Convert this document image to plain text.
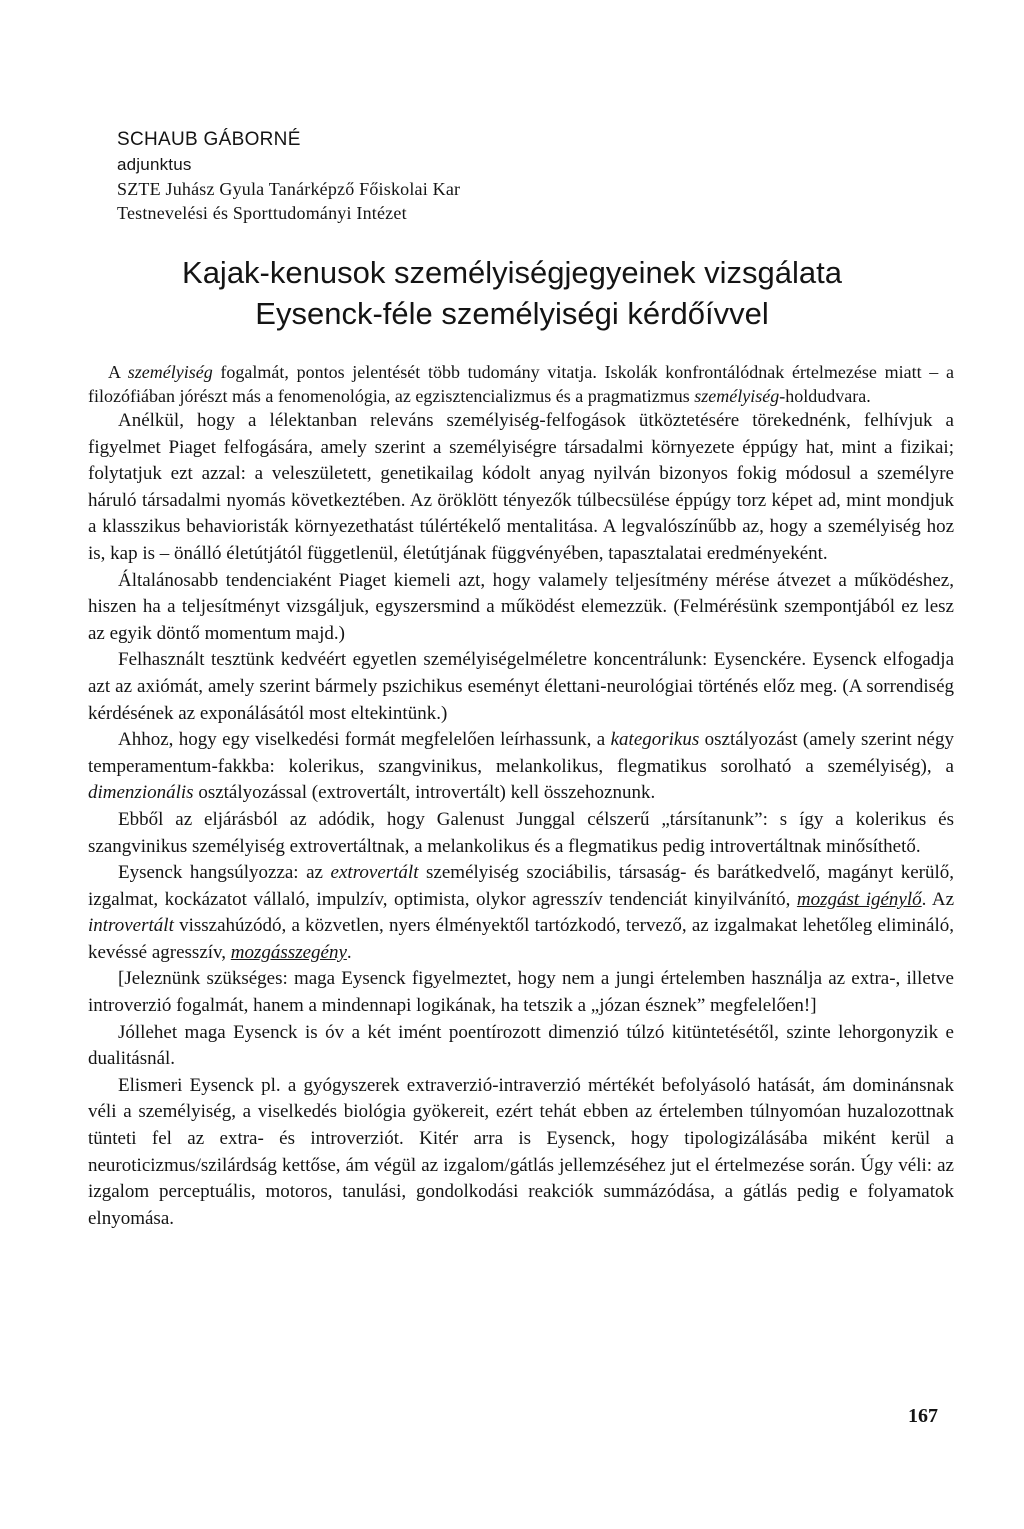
SCHAUB GÁBORNÉ
adjunktus
SZTE Juhász Gyula Tanárképző Főiskolai Kar
Testnevelési és Sporttudományi Intézet
Kajak-kenusok személyiségjegyeinek vizsgálata
Eysenck-féle személyiségi kérdőívvel

A személyiség fogalmát, pontos jelentését több tudomány vitatja. Iskolák konfrontálódnak értelmezése miatt – a filozófiában jórészt más a fenomenológia, az egzisztencializmus és a pragmatizmus személyiség-holdudvara.

Anélkül, hogy a lélektanban releváns személyiség-felfogások ütköztetésére törekednénk, felhívjuk a figyelmet Piaget felfogására, amely szerint a személyiségre társadalmi környezete éppúgy hat, mint a fizikai; folytatjuk ezt azzal: a veleszületett, genetikailag kódolt anyag nyilván bizonyos fokig módosul a személyre háruló társadalmi nyomás következtében. Az öröklött tényezők túlbecsülése éppúgy torz képet ad, mint mondjuk a klasszikus behavioristák környezethatást túlértékelő mentalitása. A legvalószínűbb az, hogy a személyiség hoz is, kap is – önálló életútjától függetlenül, életútjának függvényében, tapasztalatai eredményeként.

Általánosabb tendenciaként Piaget kiemeli azt, hogy valamely teljesítmény mérése átvezet a működéshez, hiszen ha a teljesítményt vizsgáljuk, egyszersmind a működést elemezzük. (Felmérésünk szempontjából ez lesz az egyik döntő momentum majd.)

Felhasznált tesztünk kedvéért egyetlen személyiségelméletre koncentrálunk: Eysenckére. Eysenck elfogadja azt az axiómát, amely szerint bármely pszichikus eseményt élettani-neurológiai történés előz meg. (A sorrendiség kérdésének az exponálásától most eltekintünk.)

Ahhoz, hogy egy viselkedési formát megfelelően leírhassunk, a kategorikus osztályozást (amely szerint négy temperamentum-fakkba: kolerikus, szangvinikus, melankolikus, flegmatikus sorolható a személyiség), a dimenzionális osztályozással (extrovertált, introvertált) kell összehoznunk.

Ebből az eljárásból az adódik, hogy Galenust Junggal célszerű „társítanunk”: s így a kolerikus és szangvinikus személyiség extrovertáltnak, a melankolikus és a flegmatikus pedig introvertáltnak minősíthető.

Eysenck hangsúlyozza: az extrovertált személyiség szociábilis, társaság- és barátkedvelő, magányt kerülő, izgalmat, kockázatot vállaló, impulzív, optimista, olykor agresszív tendenciát kinyilvánító, mozgást igénylő. Az introvertált visszahúzódó, a közvetlen, nyers élményektől tartózkodó, tervező, az izgalmakat lehetőleg elimináló, kevéssé agresszív, mozgásszegény.

[Jeleznünk szükséges: maga Eysenck figyelmeztet, hogy nem a jungi értelemben használja az extra-, illetve introverzió fogalmát, hanem a mindennapi logikának, ha tetszik a „józan észnek” megfelelően!]

Jóllehet maga Eysenck is óv a két imént poentírozott dimenzió túlzó kitüntetésétől, szinte lehorgonyzik e dualitásnál.

Elismeri Eysenck pl. a gyógyszerek extraverzió-intraverzió mértékét befolyásoló hatását, ám dominánsnak véli a személyiség, a viselkedés biológia gyökereit, ezért tehát ebben az értelemben túlnyomóan huzalozottnak tünteti fel az extra- és introverziót. Kitér arra is Eysenck, hogy tipologizálásába miként kerül a neuroticizmus/szilárdság kettőse, ám végül az izgalom/gátlás jellemzéséhez jut el értelmezése során. Úgy véli: az izgalom perceptuális, motoros, tanulási, gondolkodási reakciók summázódása, a gátlás pedig e folyamatok elnyomása.

167
